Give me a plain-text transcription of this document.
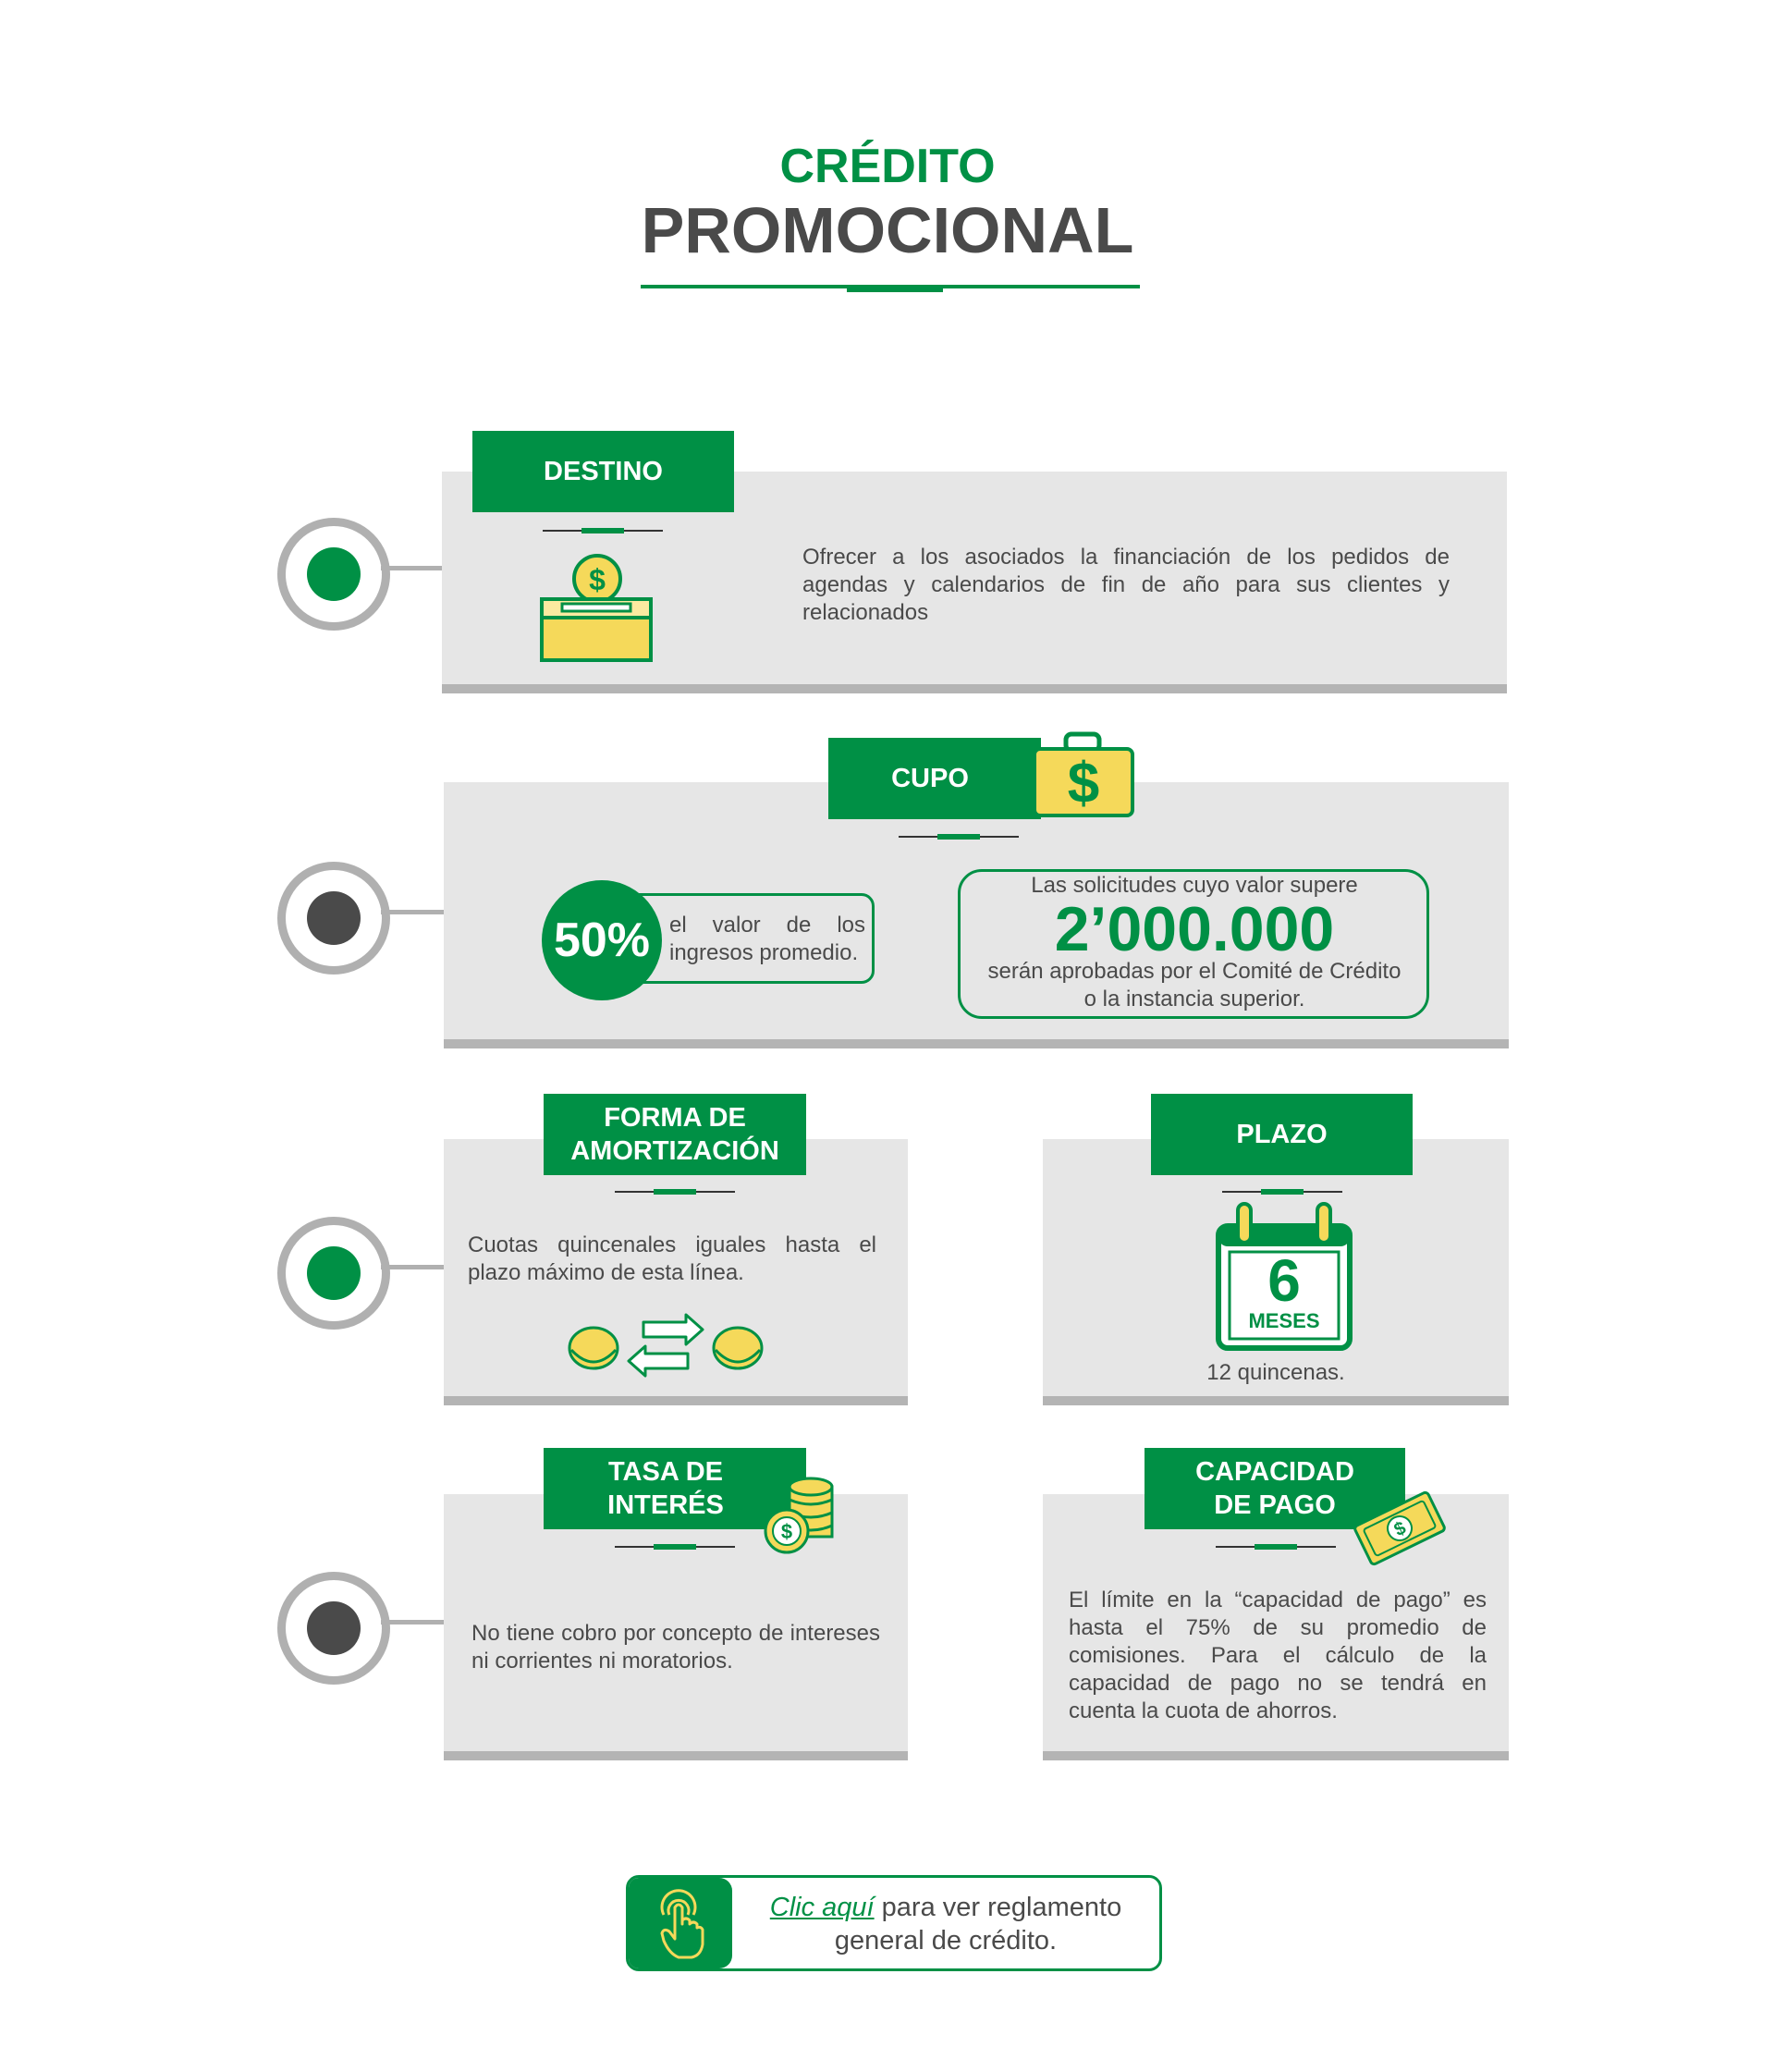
CRÉDITO
PROMOCIONAL
DESTINO
$
Ofrecer a los asociados la financiación de los pedidos de agendas y calendarios de fin de año para sus clientes y relacionados
CUPO $
50% el valor de los ingresos promedio.
Las solicitudes cuyo valor supere
2’000.000
serán aprobadas por el Comité de Crédito o la instancia superior.
FORMA DE
AMORTIZACIÓN
Cuotas quincenales iguales hasta el plazo máximo de esta línea.
PLAZO
6
MESES
12 quincenas.
TASA DE
INTERÉS
$
No tiene cobro por concepto de intereses ni corrientes ni moratorios.
CAPACIDAD
DE PAGO
$
El límite en la “capacidad de pago” es hasta el 75% de su promedio de comisiones. Para el cálculo de la capacidad de pago no se tendrá en cuenta la cuota de ahorros.
Clic aquí para ver reglamento
general de crédito.
